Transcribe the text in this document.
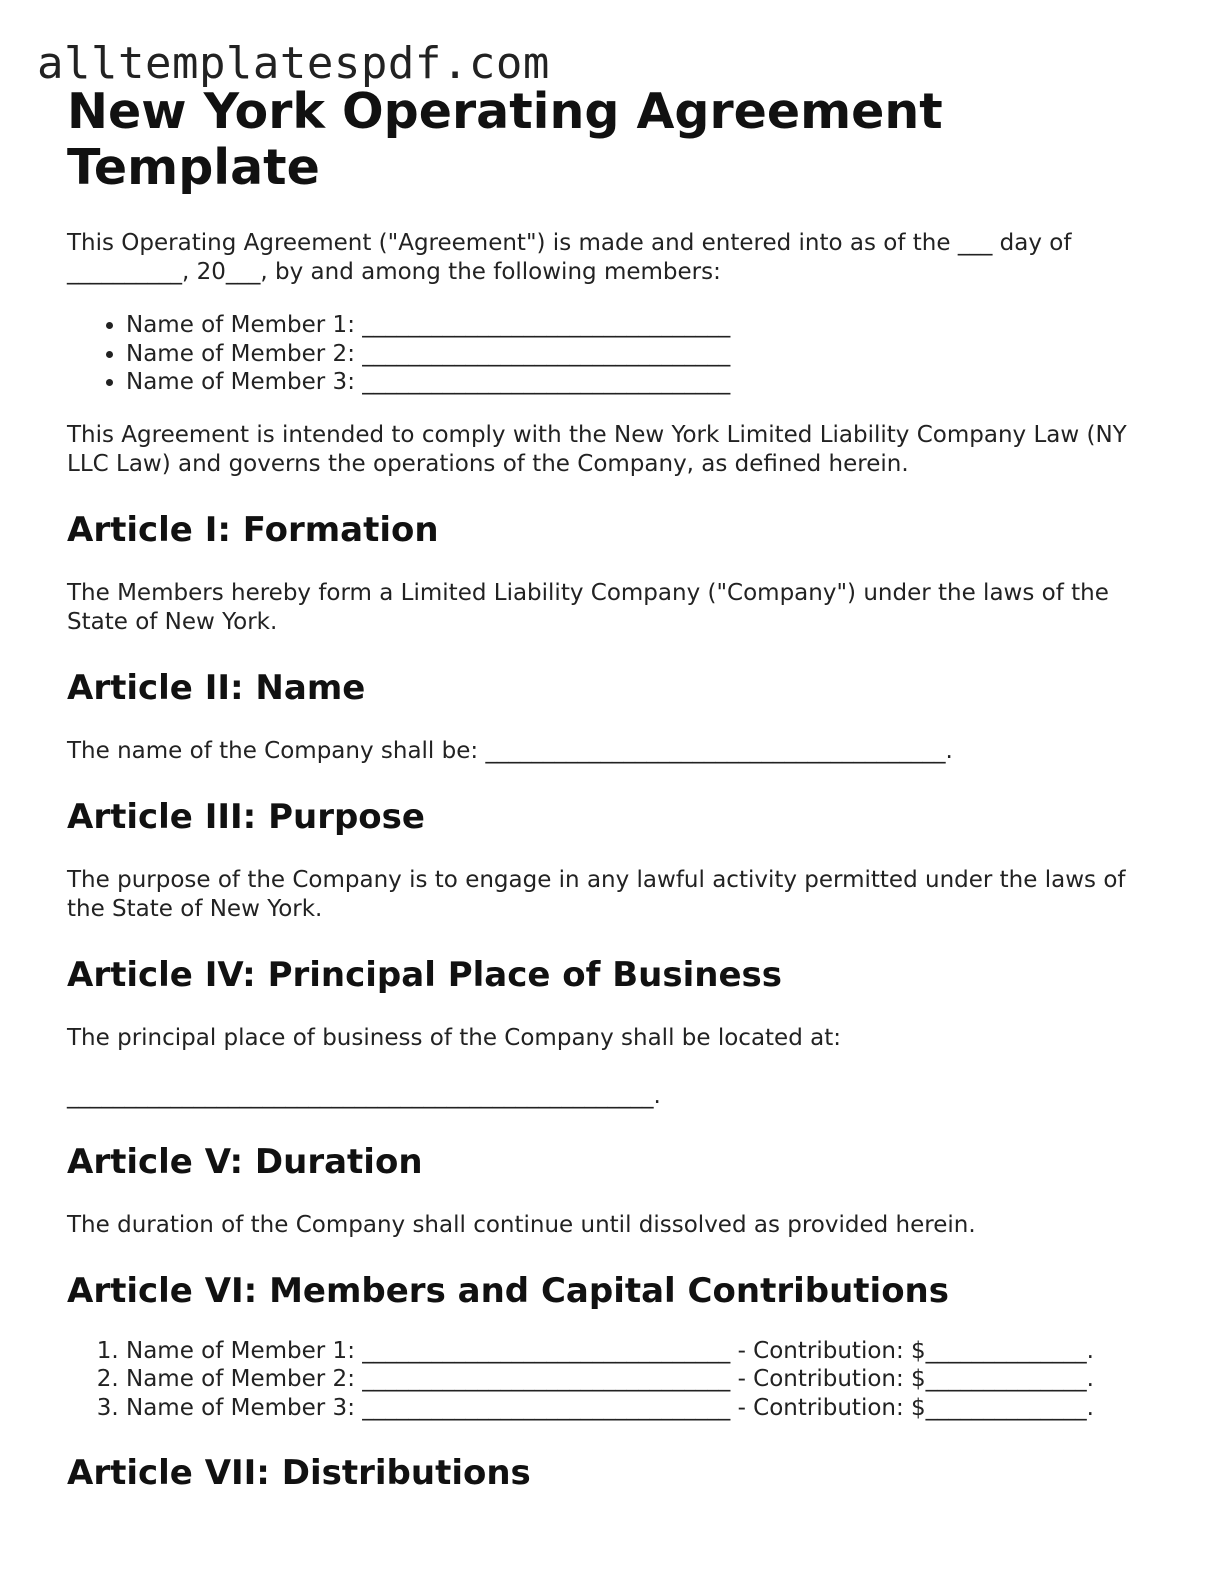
alltemplatespdf.com
New York Operating Agreement Template

This Operating Agreement ("Agreement") is made and entered into as of the ___ day of __________, 20___, by and among the following members:

• Name of Member 1: ________________________________
• Name of Member 2: ________________________________
• Name of Member 3: ________________________________

This Agreement is intended to comply with the New York Limited Liability Company Law (NY LLC Law) and governs the operations of the Company, as defined herein.

Article I: Formation

The Members hereby form a Limited Liability Company ("Company") under the laws of the State of New York.

Article II: Name

The name of the Company shall be: ________________________________________.

Article III: Purpose

The purpose of the Company is to engage in any lawful activity permitted under the laws of the State of New York.

Article IV: Principal Place of Business

The principal place of business of the Company shall be located at:

___________________________________________________.

Article V: Duration

The duration of the Company shall continue until dissolved as provided herein.

Article VI: Members and Capital Contributions
1. Name of Member 1: ________________________________ - Contribution: $______________.
2. Name of Member 2: ________________________________ - Contribution: $______________.
3. Name of Member 3: ________________________________ - Contribution: $______________.
Article VII: Distributions
